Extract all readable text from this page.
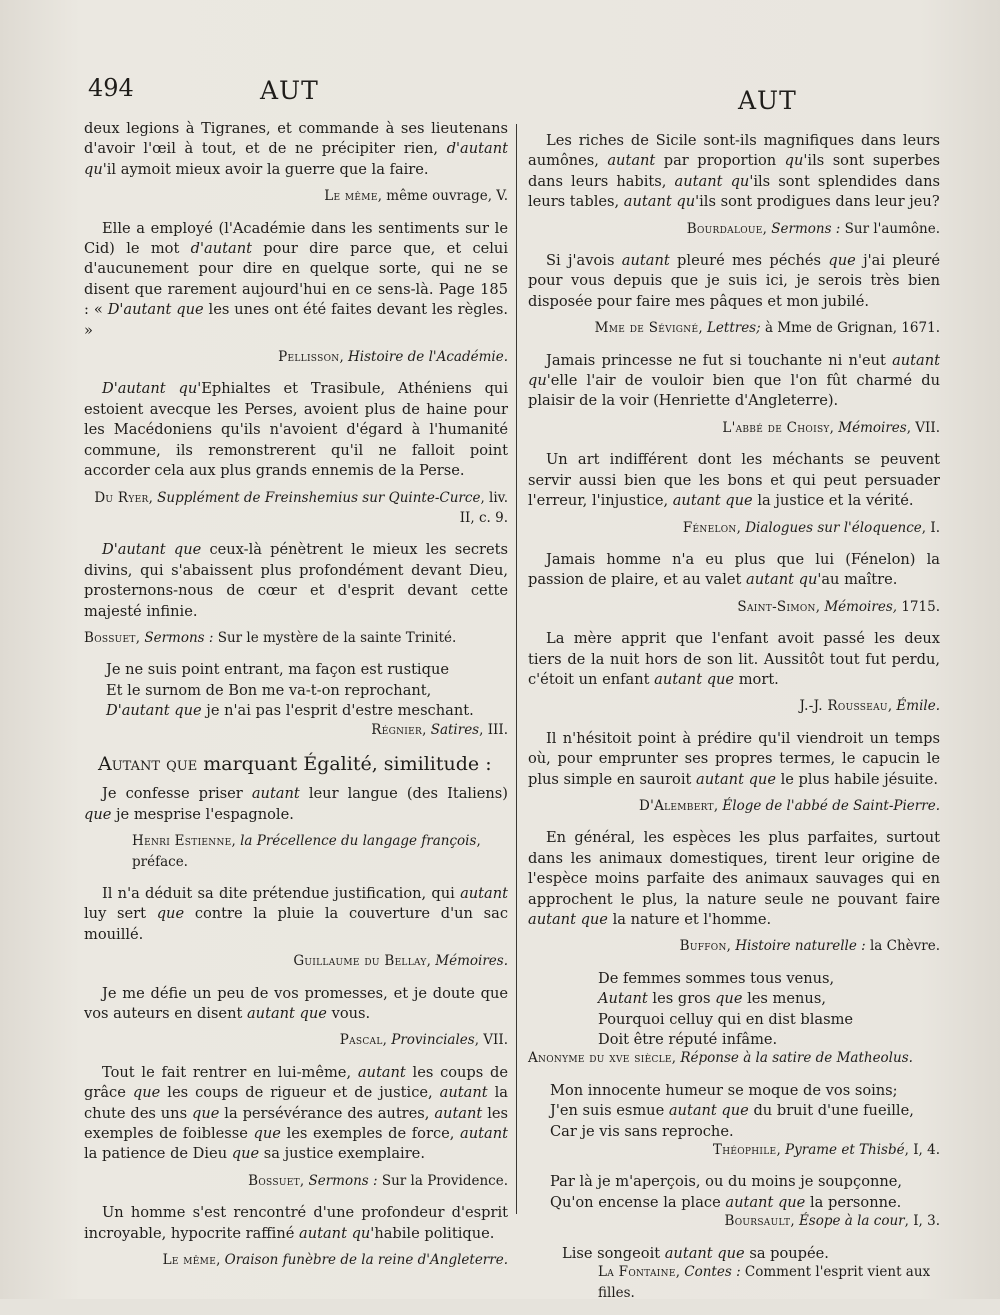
494	AUT	AUT

deux legions à Tigranes, et commande à ses lieutenans d'avoir l'œil à tout, et de ne précipiter rien, d'autant qu'il aymoit mieux avoir la guerre que la faire.

Le même, même ouvrage, V.

Elle a employé (l'Académie dans les sentiments sur le Cid) le mot d'autant pour dire parce que, et celui d'aucunement pour dire en quelque sorte, qui ne se disent que rarement aujourd'hui en ce sens-là. Page 185 : « D'autant que les unes ont été faites devant les règles. »

Pellisson, Histoire de l'Académie.

D'autant qu'Ephialtes et Trasibule, Athéniens qui estoient avecque les Perses, avoient plus de haine pour les Macédoniens qu'ils n'avoient d'égard à l'humanité commune, ils remonstrerent qu'il ne falloit point accorder cela aux plus grands ennemis de la Perse.

Du Ryer, Supplément de Freinshemius sur Quinte-Curce, liv. II, c. 9.

D'autant que ceux-là pénètrent le mieux les secrets divins, qui s'abaissent plus profondément devant Dieu, prosternons-nous de cœur et d'esprit devant cette majesté infinie.

Bossuet, Sermons : Sur le mystère de la sainte Trinité.

Je ne suis point entrant, ma façon est rustique

Et le surnom de Bon me va-t-on reprochant,

D'autant que je n'ai pas l'esprit d'estre meschant.

Régnier, Satires, III.
Autant que marquant Égalité, similitude :

Je confesse priser autant leur langue (des Italiens) que je mesprise l'espagnole.

Henri Estienne, la Précellence du langage françois, préface.

Il n'a déduit sa dite prétendue justification, qui autant luy sert que contre la pluie la couverture d'un sac mouillé.

Guillaume du Bellay, Mémoires.

Je me défie un peu de vos promesses, et je doute que vos auteurs en disent autant que vous.

Pascal, Provinciales, VII.

Tout le fait rentrer en lui-même, autant les coups de grâce que les coups de rigueur et de justice, autant la chute des uns que la persévérance des autres, autant les exemples de foiblesse que les exemples de force, autant la patience de Dieu que sa justice exemplaire.

Bossuet, Sermons : Sur la Providence.

Un homme s'est rencontré d'une profondeur d'esprit incroyable, hypocrite raffiné autant qu'habile politique.

Le même, Oraison funèbre de la reine d'Angleterre.

Les riches de Sicile sont-ils magnifiques dans leurs aumônes, autant par proportion qu'ils sont superbes dans leurs habits, autant qu'ils sont splendides dans leurs tables, autant qu'ils sont prodigues dans leur jeu?

Bourdaloue, Sermons : Sur l'aumône.

Si j'avois autant pleuré mes péchés que j'ai pleuré pour vous depuis que je suis ici, je serois très bien disposée pour faire mes pâques et mon jubilé.

Mme de Sévigné, Lettres; à Mme de Grignan, 1671.

Jamais princesse ne fut si touchante ni n'eut autant qu'elle l'air de vouloir bien que l'on fût charmé du plaisir de la voir (Henriette d'Angleterre).

L'abbé de Choisy, Mémoires, VII.

Un art indifférent dont les méchants se peuvent servir aussi bien que les bons et qui peut persuader l'erreur, l'injustice, autant que la justice et la vérité.

Fénelon, Dialogues sur l'éloquence, I.

Jamais homme n'a eu plus que lui (Fénelon) la passion de plaire, et au valet autant qu'au maître.

Saint-Simon, Mémoires, 1715.

La mère apprit que l'enfant avoit passé les deux tiers de la nuit hors de son lit. Aussitôt tout fut perdu, c'étoit un enfant autant que mort.

J.-J. Rousseau, Émile.

Il n'hésitoit point à prédire qu'il viendroit un temps où, pour emprunter ses propres termes, le capucin le plus simple en sauroit autant que le plus habile jésuite.

D'Alembert, Éloge de l'abbé de Saint-Pierre.

En général, les espèces les plus parfaites, surtout dans les animaux domestiques, tirent leur origine de l'espèce moins parfaite des animaux sauvages qui en approchent le plus, la nature seule ne pouvant faire autant que la nature et l'homme.

Buffon, Histoire naturelle : la Chèvre.

De femmes sommes tous venus,

Autant les gros que les menus,

Pourquoi celluy qui en dist blasme

Doit être réputé infâme.

Anonyme du xve siècle, Réponse à la satire de Matheolus.

Mon innocente humeur se moque de vos soins;

J'en suis esmue autant que du bruit d'une fueille,

Car je vis sans reproche.

Théophile, Pyrame et Thisbé, I, 4.

Par là je m'aperçois, ou du moins je soupçonne,

Qu'on encense la place autant que la personne.

Boursault, Ésope à la cour, I, 3.

Lise songeoit autant que sa poupée.

La Fontaine, Contes : Comment l'esprit vient aux filles.
